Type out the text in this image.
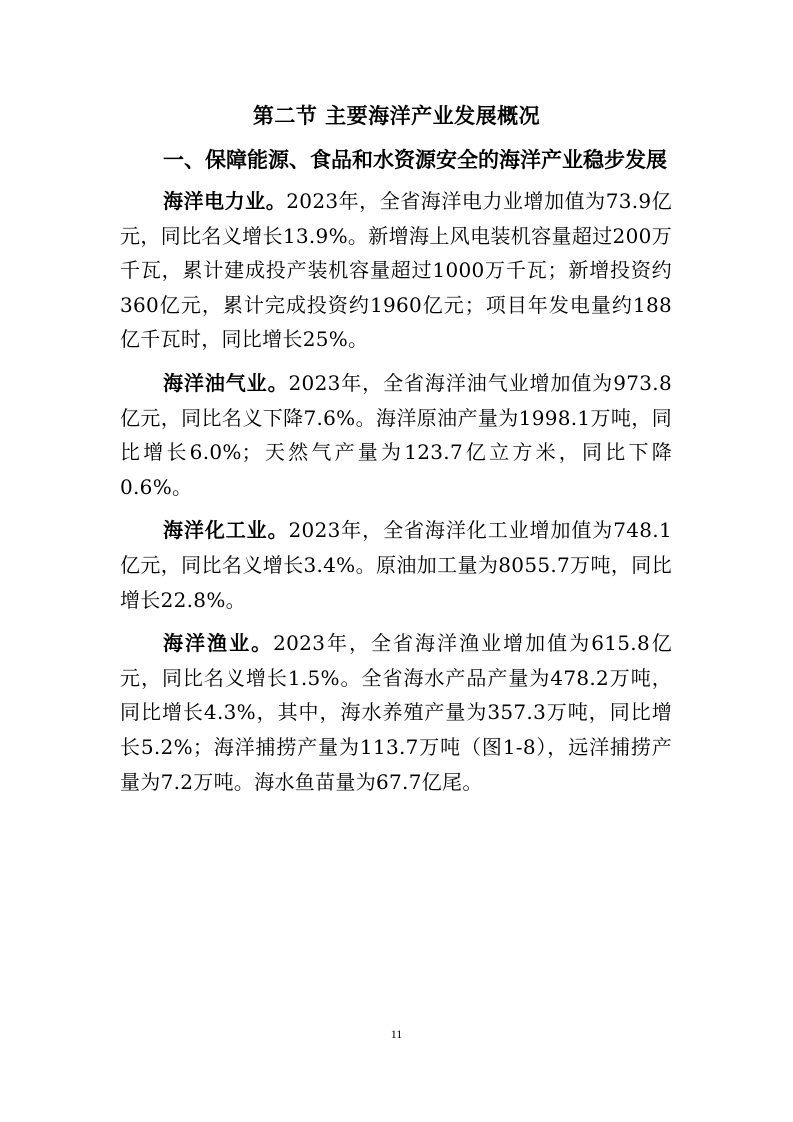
第二节 主要海洋产业发展概况
一、保障能源、食品和水资源安全的海洋产业稳步发展

海洋电力业。2023年，全省海洋电力业增加值为73.9亿元，同比名义增长13.9%。新增海上风电装机容量超过200万千瓦，累计建成投产装机容量超过1000万千瓦；新增投资约360亿元，累计完成投资约1960亿元；项目年发电量约188亿千瓦时，同比增长25%。

海洋油气业。2023年，全省海洋油气业增加值为973.8亿元，同比名义下降7.6%。海洋原油产量为1998.1万吨，同比增长6.0%；天然气产量为123.7亿立方米，同比下降0.6%。

海洋化工业。2023年，全省海洋化工业增加值为748.1亿元，同比名义增长3.4%。原油加工量为8055.7万吨，同比增长22.8%。

海洋渔业。2023年，全省海洋渔业增加值为615.8亿元，同比名义增长1.5%。全省海水产品产量为478.2万吨，同比增长4.3%，其中，海水养殖产量为357.3万吨，同比增长5.2%；海洋捕捞产量为113.7万吨（图1-8），远洋捕捞产量为7.2万吨。海水鱼苗量为67.7亿尾。

11
